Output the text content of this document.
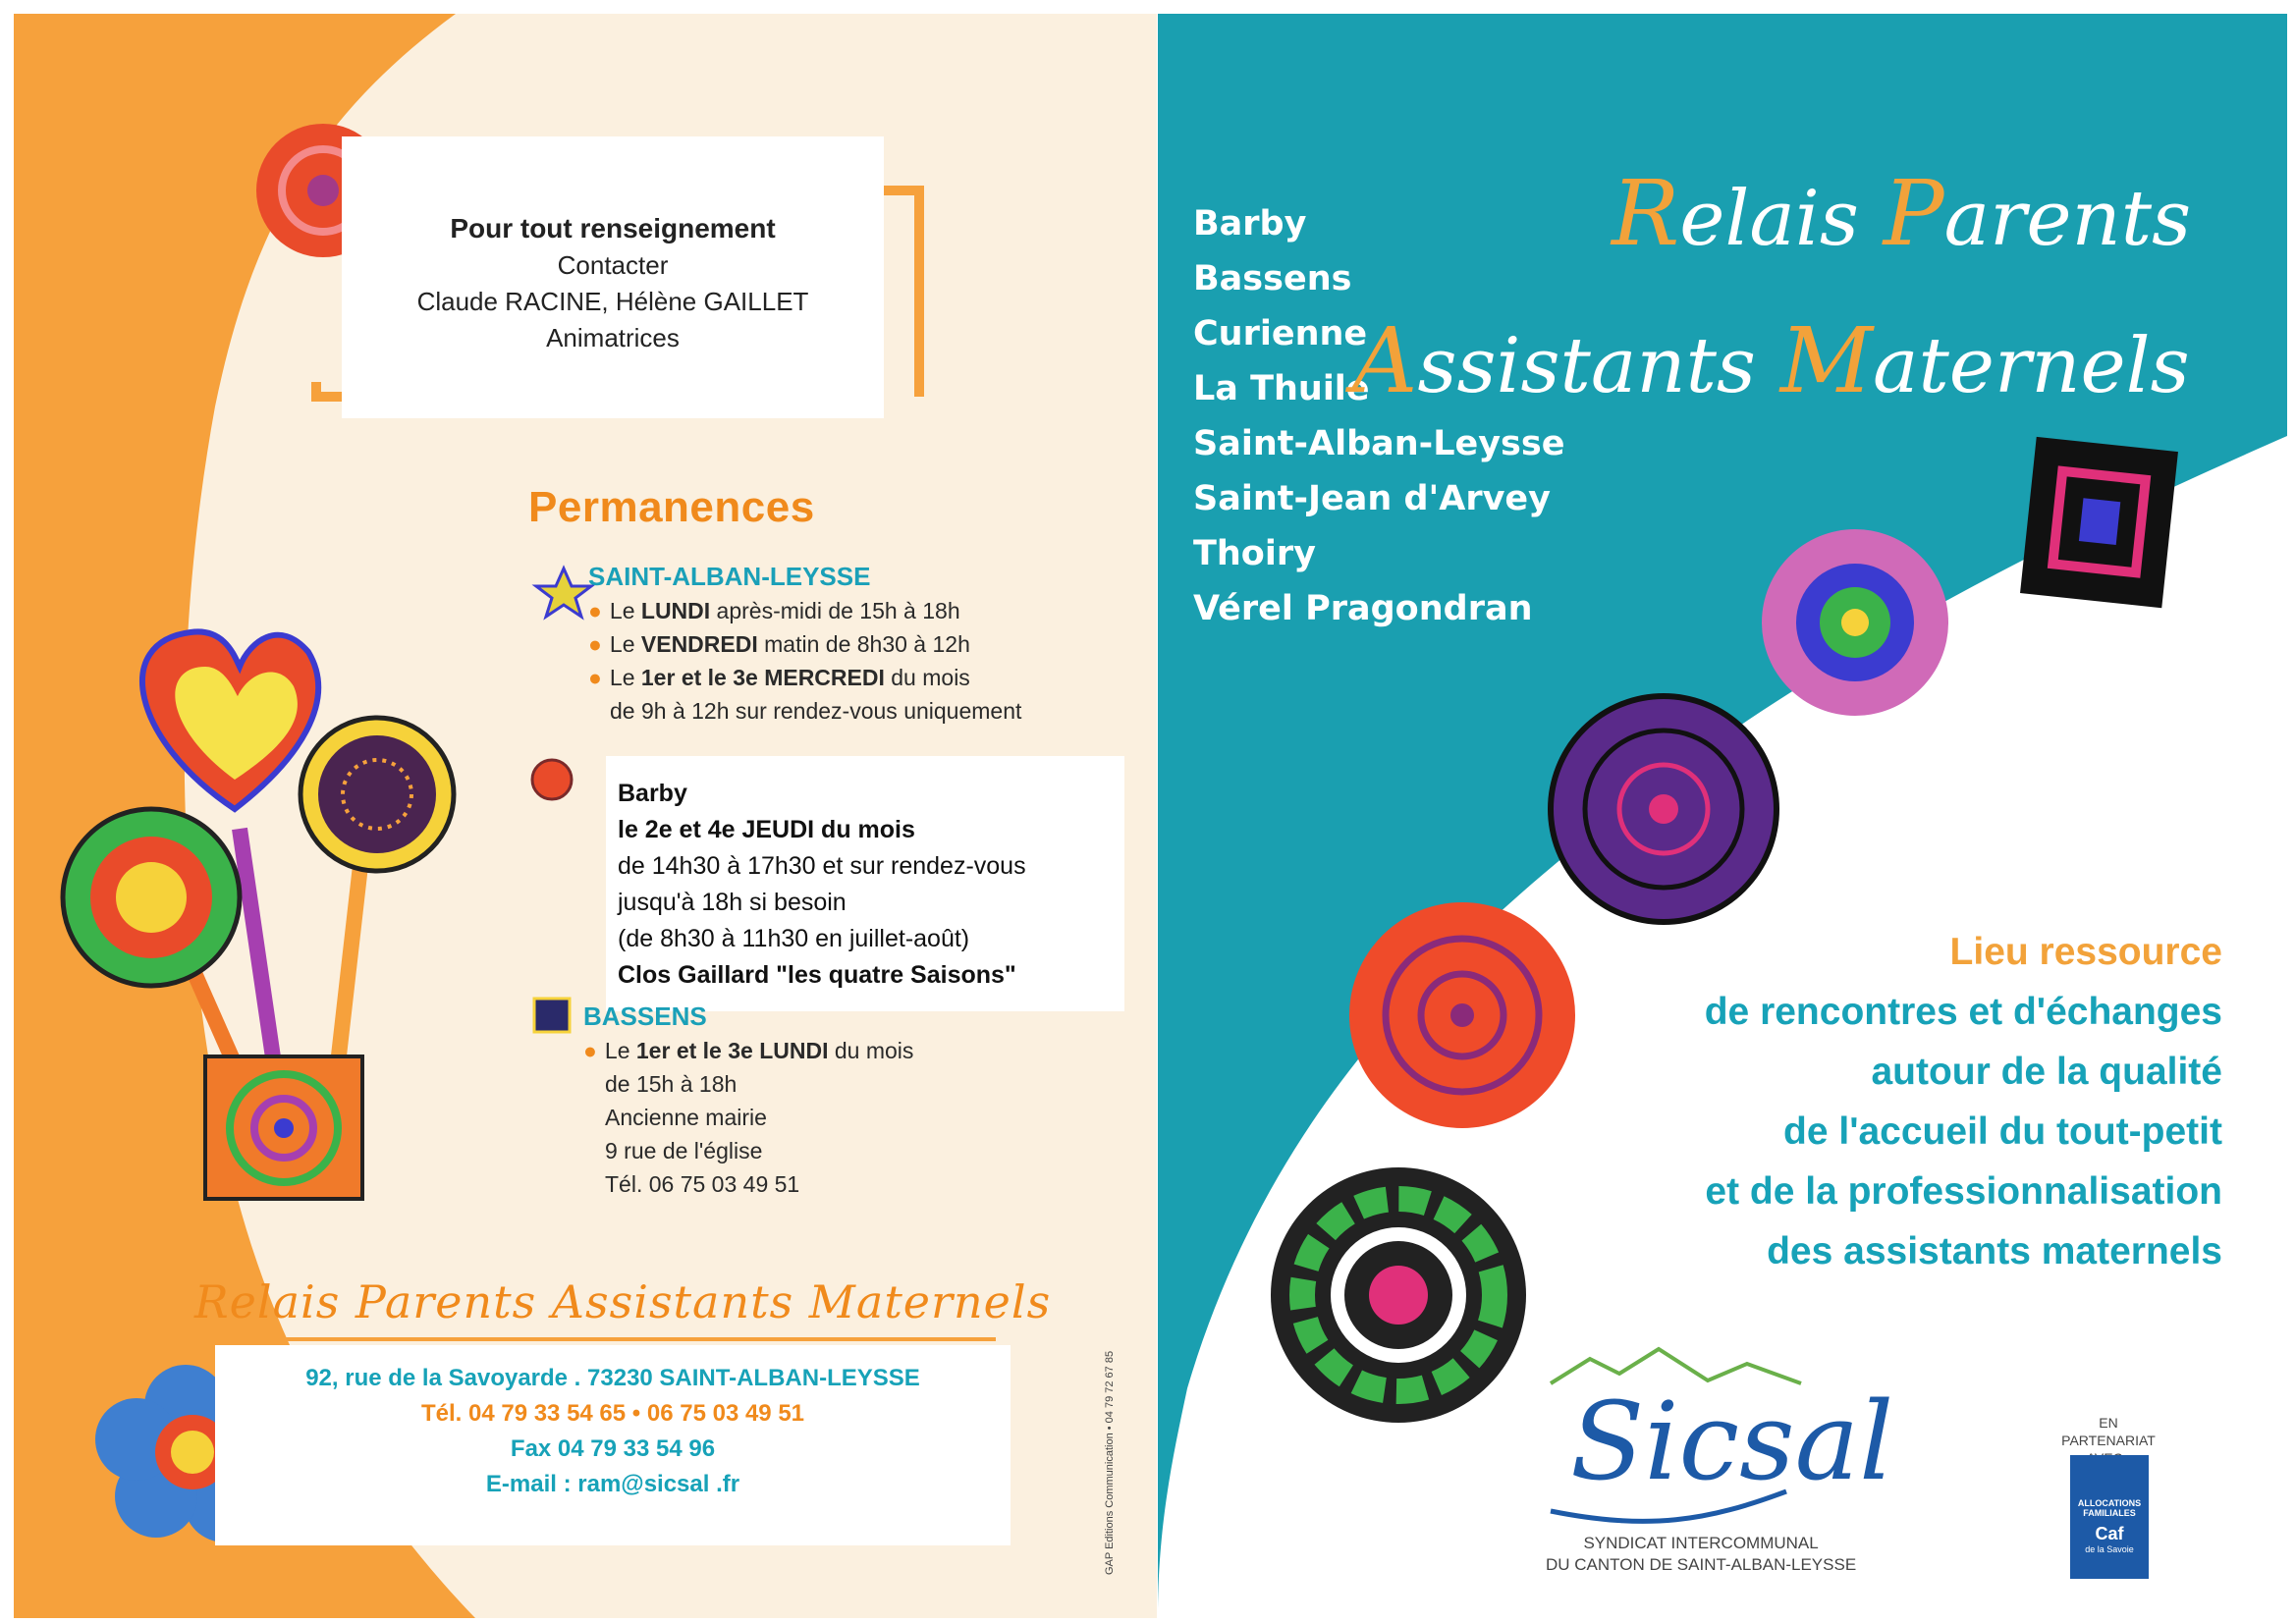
Pour tout renseignement
Contacter
Claude RACINE, Hélène GAILLET
Animatrices
Permanences
SAINT-ALBAN-LEYSSE
● Le LUNDI après-midi de 15h à 18h
● Le VENDREDI matin de 8h30 à 12h
● Le 1er et le 3e MERCREDI du mois
de 9h à 12h sur rendez-vous uniquement
Barby
le 2e et 4e JEUDI du mois
de 14h30 à 17h30 et sur rendez-vous
jusqu'à 18h si besoin
(de 8h30 à 11h30 en juillet-août)
Clos Gaillard "les quatre Saisons"
BASSENS
● Le 1er et le 3e LUNDI du mois
de 15h à 18h
Ancienne mairie
9 rue de l'église
Tél. 06 75 03 49 51
Relais Parents Assistants Maternels
92, rue de la Savoyarde . 73230 SAINT-ALBAN-LEYSSE
Tél. 04 79 33 54 65 • 06 75 03 49 51
Fax 04 79 33 54 96
E-mail : ram@sicsal .fr	GAP Editions Communication • 04 79 72 67 85
Barby
Bassens
Curienne
La Thuile
Saint-Alban-Leysse
Saint-Jean d'Arvey
Thoiry
Vérel Pragondran
Relais Parents
Assistants Maternels
Lieu ressource
de rencontres et d'échanges
autour de la qualité
de l'accueil du tout-petit
et de la professionnalisation
des assistants maternels
Sicsal
SYNDICAT INTERCOMMUNAL
DU CANTON DE SAINT-ALBAN-LEYSSE
EN PARTENARIAT
ALLOCATIONS FAMILIALES
Caf
de la Savoie
